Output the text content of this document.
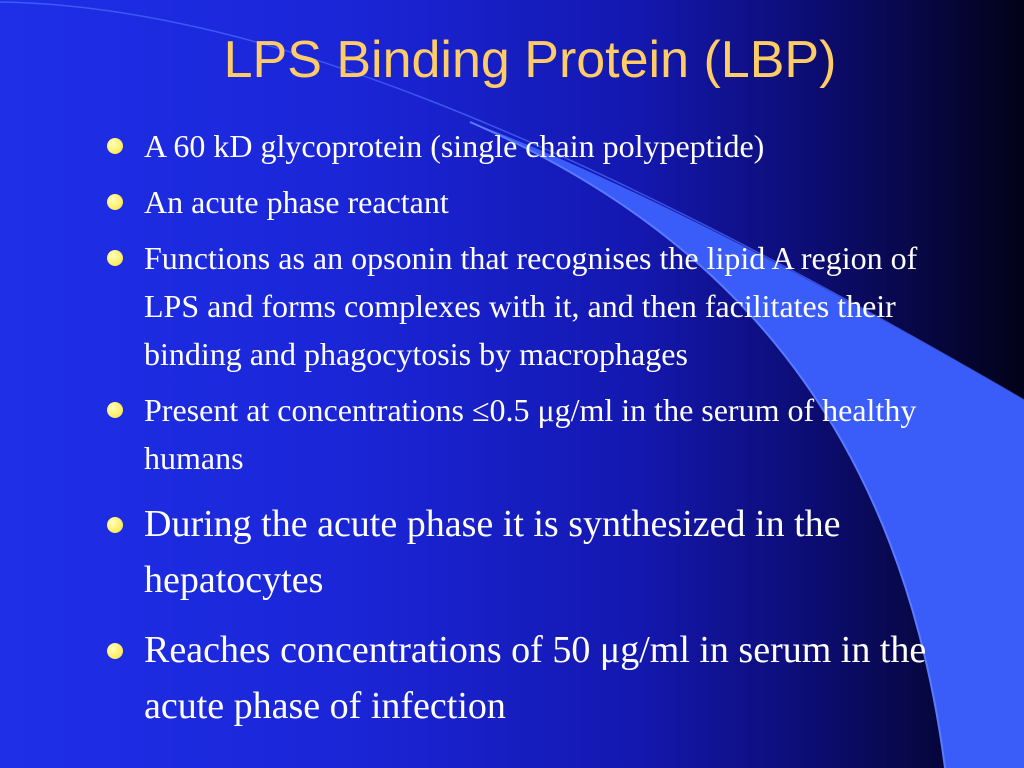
LPS Binding Protein (LBP)
A 60 kD glycoprotein (single chain polypeptide)
An acute phase reactant
Functions as an opsonin that recognises the lipid A region of LPS and forms complexes with it, and then facilitates their binding and phagocytosis by macrophages
Present at concentrations ≤0.5 μg/ml in the serum of healthy humans
During the acute phase it is synthesized in the hepatocytes
Reaches concentrations of 50 μg/ml in serum in the acute phase of infection
